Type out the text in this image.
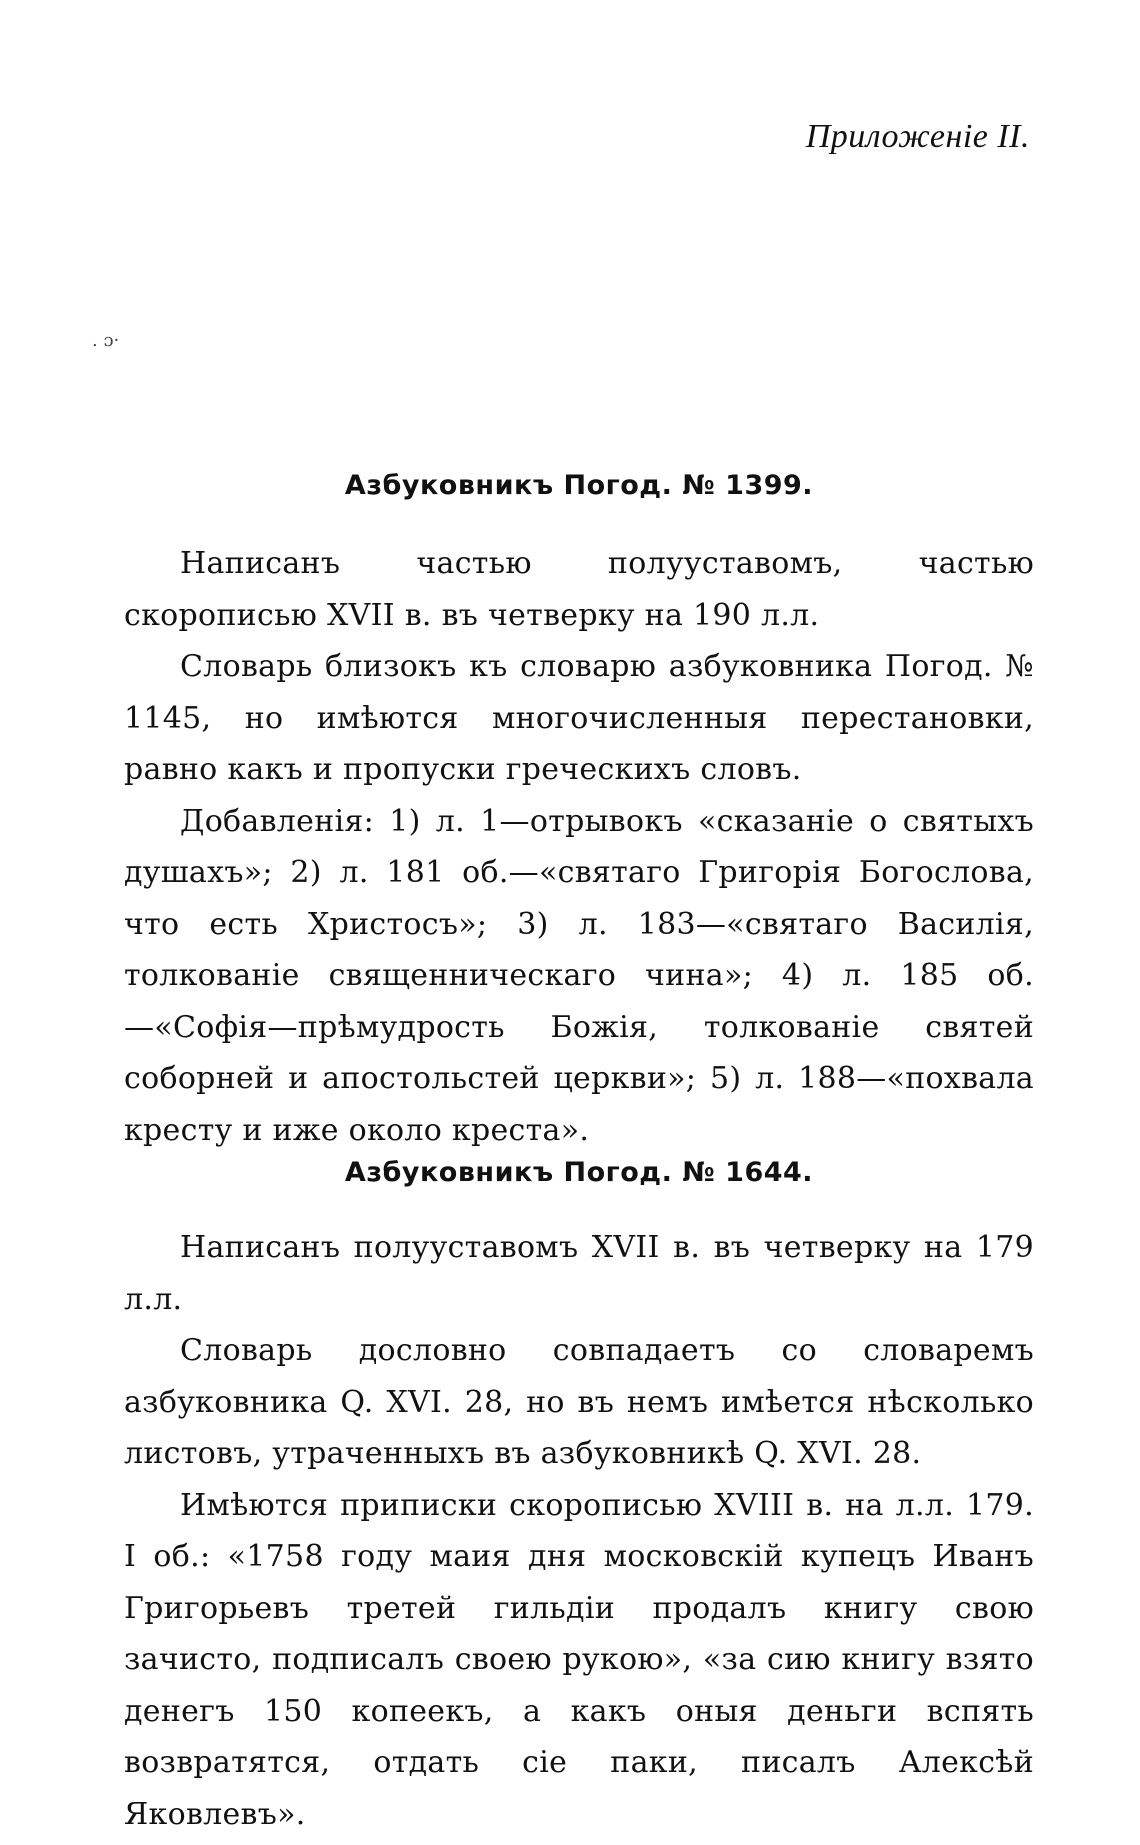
Приложеніе II.
. ɔ·
Азбуковникъ Погод. № 1399.

Написанъ частью полууставомъ, частью скорописью XVII в. въ четверку на 190 л.л.

Словарь близокъ къ словарю азбуковника Погод. № 1145, но имѣются многочисленныя перестановки, равно какъ и пропуски греческихъ словъ.

Добавленія: 1) л. 1—отрывокъ «сказаніе о святыхъ душахъ»; 2) л. 181 об.—«святаго Григорія Богослова, что есть Христосъ»; 3) л. 183—«святаго Василія, толкованіе священническаго чина»; 4) л. 185 об.—«Софія—прѣмудрость Божія, толкованіе святей соборней и апостольстей церкви»; 5) л. 188—«похвала кресту и иже около креста».

Азбуковникъ Погод. № 1644.

Написанъ полууставомъ XVII в. въ четверку на 179 л.л.

Словарь дословно совпадаетъ со словаремъ азбуковника Q. XVI. 28, но въ немъ имѣется нѣсколько листовъ, утраченныхъ въ азбуковникѣ Q. XVI. 28.

Имѣются приписки скорописью XVIII в. на л.л. 179. I об.: «1758 году маия дня московскій купецъ Иванъ Григорьевъ третей гильдіи продалъ книгу свою зачисто, подписалъ своею рукою», «за сию книгу взято денегъ 150 копеекъ, а какъ оныя деньги вспять возвратятся, отдать сіе паки, писалъ Алексѣй Яковлевъ».
